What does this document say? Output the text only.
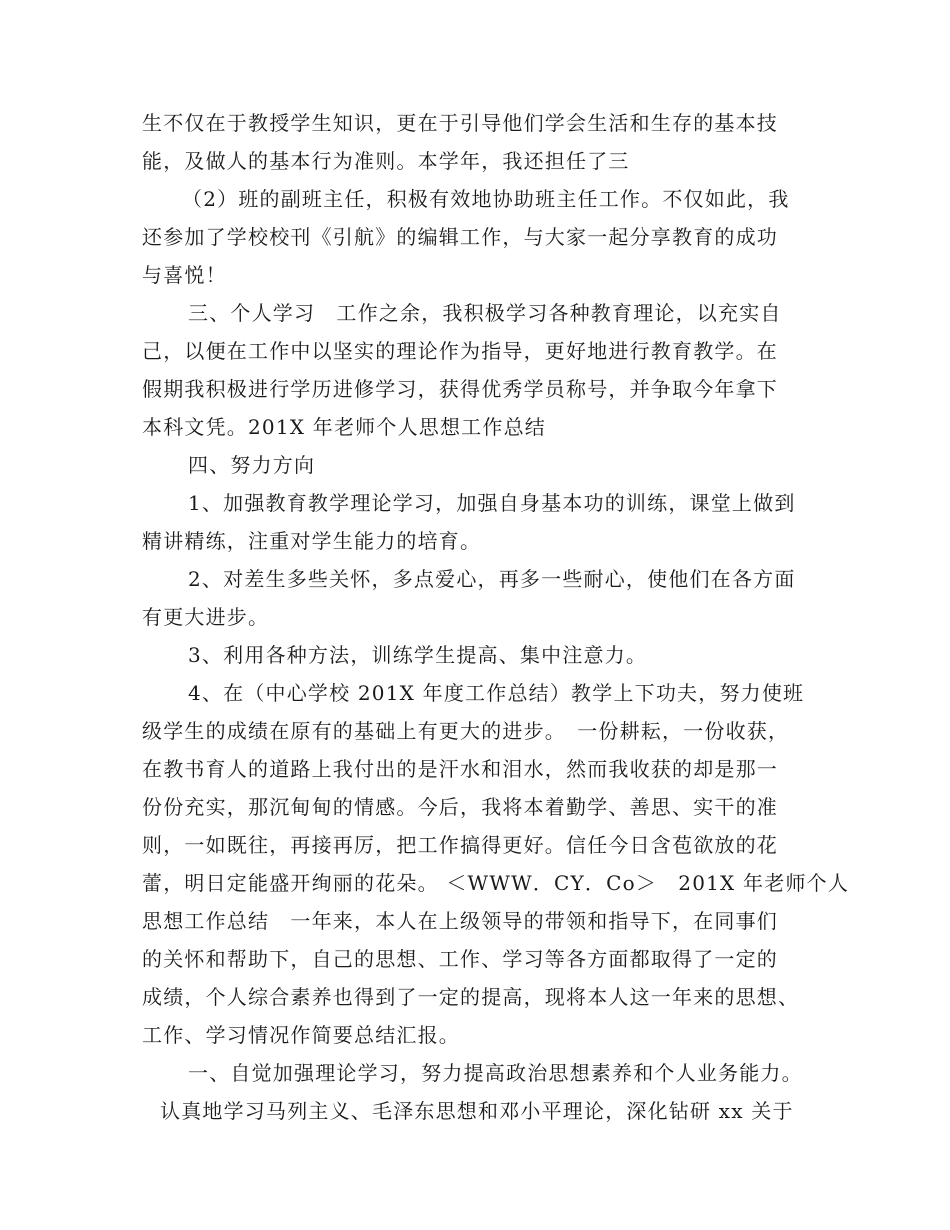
生不仅在于教授学生知识，更在于引导他们学会生活和生存的基本技

能，及做人的基本行为准则。本学年，我还担任了三

（2）班的副班主任，积极有效地协助班主任工作。不仅如此，我

还参加了学校校刊《引航》的编辑工作，与大家一起分享教育的成功

与喜悦！

三、个人学习　工作之余，我积极学习各种教育理论，以充实自

己，以便在工作中以坚实的理论作为指导，更好地进行教育教学。在

假期我积极进行学历进修学习，获得优秀学员称号，并争取今年拿下

本科文凭。201X 年老师个人思想工作总结

四、努力方向

1、加强教育教学理论学习，加强自身基本功的训练，课堂上做到

精讲精练，注重对学生能力的培育。

2、对差生多些关怀，多点爱心，再多一些耐心，使他们在各方面

有更大进步。

3、利用各种方法，训练学生提高、集中注意力。

4、在（中心学校 201X 年度工作总结）教学上下功夫，努力使班

级学生的成绩在原有的基础上有更大的进步。　一份耕耘，一份收获，

在教书育人的道路上我付出的是汗水和泪水，然而我收获的却是那一

份份充实，那沉甸甸的情感。今后，我将本着勤学、善思、实干的准

则，一如既往，再接再厉，把工作搞得更好。信任今日含苞欲放的花

蕾，明日定能盛开绚丽的花朵。 ＜WWW．CY．Co＞　201X 年老师个人

思想工作总结　一年来，本人在上级领导的带领和指导下，在同事们

的关怀和帮助下，自己的思想、工作、学习等各方面都取得了一定的

成绩，个人综合素养也得到了一定的提高，现将本人这一年来的思想、

工作、学习情况作简要总结汇报。

一、自觉加强理论学习，努力提高政治思想素养和个人业务能力。

认真地学习马列主义、毛泽东思想和邓小平理论，深化钻研 xx 关于
